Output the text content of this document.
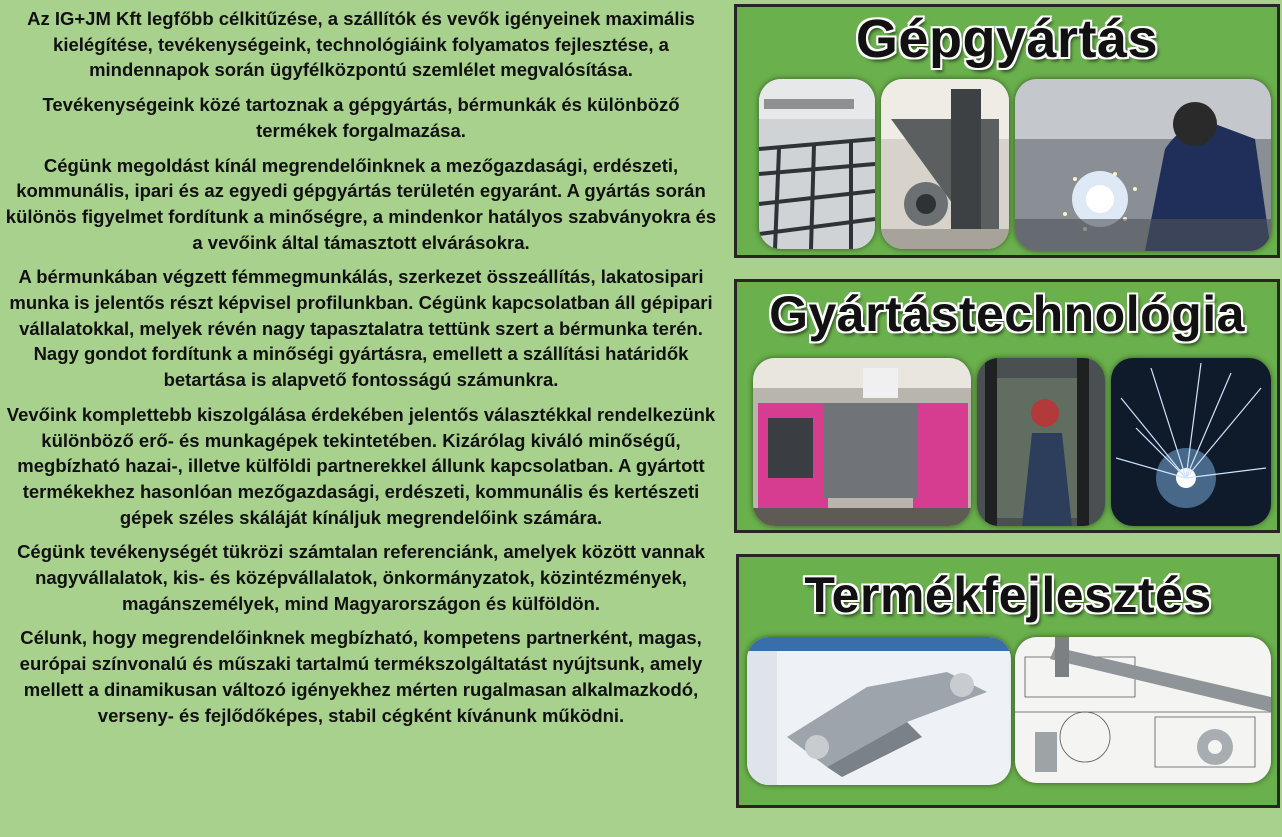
Az IG+JM Kft legfőbb célkitűzése, a szállítók és vevők igényeinek maximális kielégítése, tevékenységeink, technológiáink folyamatos fejlesztése, a mindennapok során ügyfélközpontú szemlélet megvalósítása.

Tevékenységeink közé tartoznak a gépgyártás, bérmunkák és különböző termékek forgalmazása.

Cégünk megoldást kínál megrendelőinknek a mezőgazdasági, erdészeti, kommunális, ipari és az egyedi gépgyártás területén egyaránt. A gyártás során különös figyelmet fordítunk a minőségre, a mindenkor hatályos szabványokra és a vevőink által támasztott elvárásokra.

A bérmunkában végzett fémmegmunkálás, szerkezet összeállítás, lakatosipari munka is jelentős részt képvisel profilunkban. Cégünk kapcsolatban áll gépipari vállalatokkal, melyek révén nagy tapasztalatra tettünk szert a bérmunka terén. Nagy gondot fordítunk a minőségi gyártásra, emellett a szállítási határidők betartása is alapvető fontosságú számunkra.

Vevőink komplettebb kiszolgálása érdekében jelentős választékkal rendelkezünk különböző erő- és munkagépek tekintetében. Kizárólag kiváló minőségű, megbízható hazai-, illetve külföldi partnerekkel állunk kapcsolatban. A gyártott termékekhez hasonlóan mezőgazdasági, erdészeti, kommunális és kertészeti gépek széles skáláját kínáljuk megrendelőink számára.

Cégünk tevékenységét tükrözi számtalan referenciánk, amelyek között vannak nagyvállalatok, kis- és középvállalatok, önkormányzatok, közintézmények, magánszemélyek, mind Magyarországon és külföldön.

Célunk, hogy megrendelőinknek megbízható, kompetens partnerként, magas, európai színvonalú és műszaki tartalmú termékszolgáltatást nyújtsunk, amely mellett a dinamikusan változó igényekhez mérten rugalmasan alkalmazkodó, verseny- és fejlődőképes, stabil cégként kívánunk működni.

Gépgyártás
Gyártástechnológia
Termékfejlesztés
